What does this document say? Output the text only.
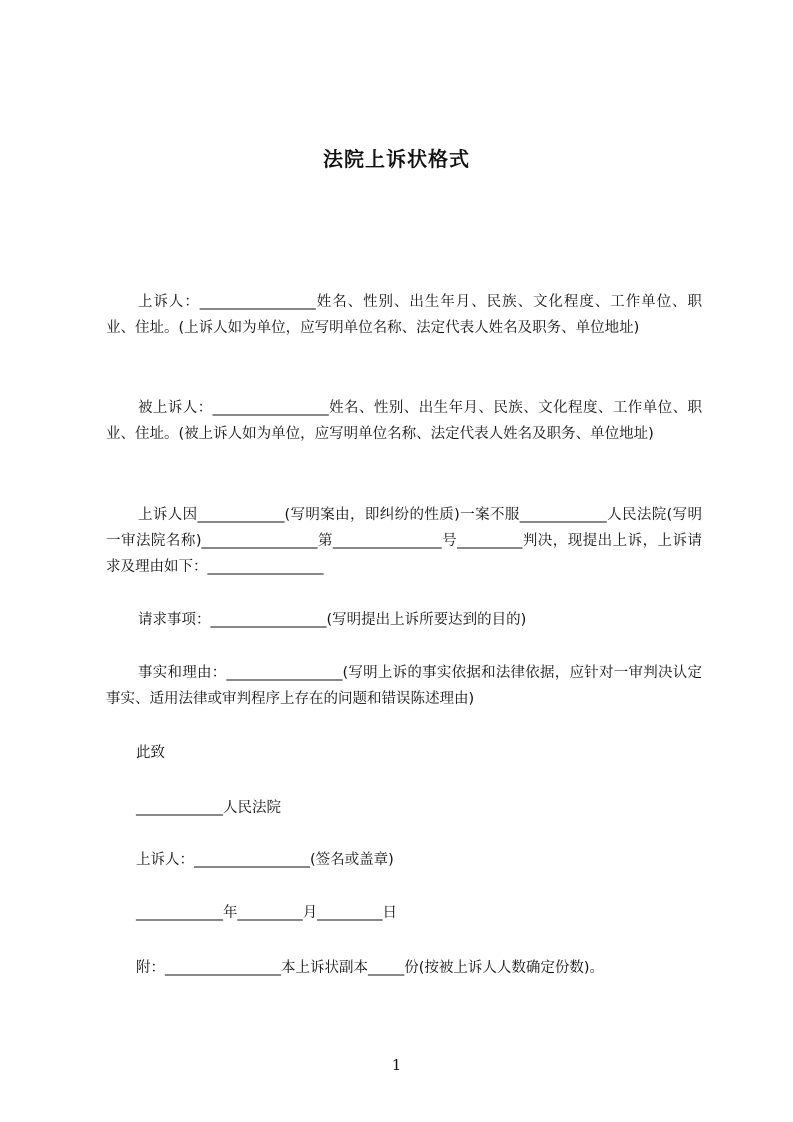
法院上诉状格式
上诉人：________________姓名、性别、出生年月、民族、文化程度、工作单位、职业、住址。(上诉人如为单位，应写明单位名称、法定代表人姓名及职务、单位地址)
被上诉人：________________姓名、性别、出生年月、民族、文化程度、工作单位、职业、住址。(被上诉人如为单位，应写明单位名称、法定代表人姓名及职务、单位地址)
上诉人因____________(写明案由，即纠纷的性质)一案不服____________人民法院(写明一审法院名称)________________第_______________号_________判决，现提出上诉，上诉请求及理由如下：________________
请求事项：________________(写明提出上诉所要达到的目的)
事实和理由：________________(写明上诉的事实依据和法律依据，应针对一审判决认定事实、适用法律或审判程序上存在的问题和错误陈述理由)
此致
____________人民法院
上诉人：________________(签名或盖章)
____________年_________月_________日
附：________________本上诉状副本_____份(按被上诉人人数确定份数)。
1
